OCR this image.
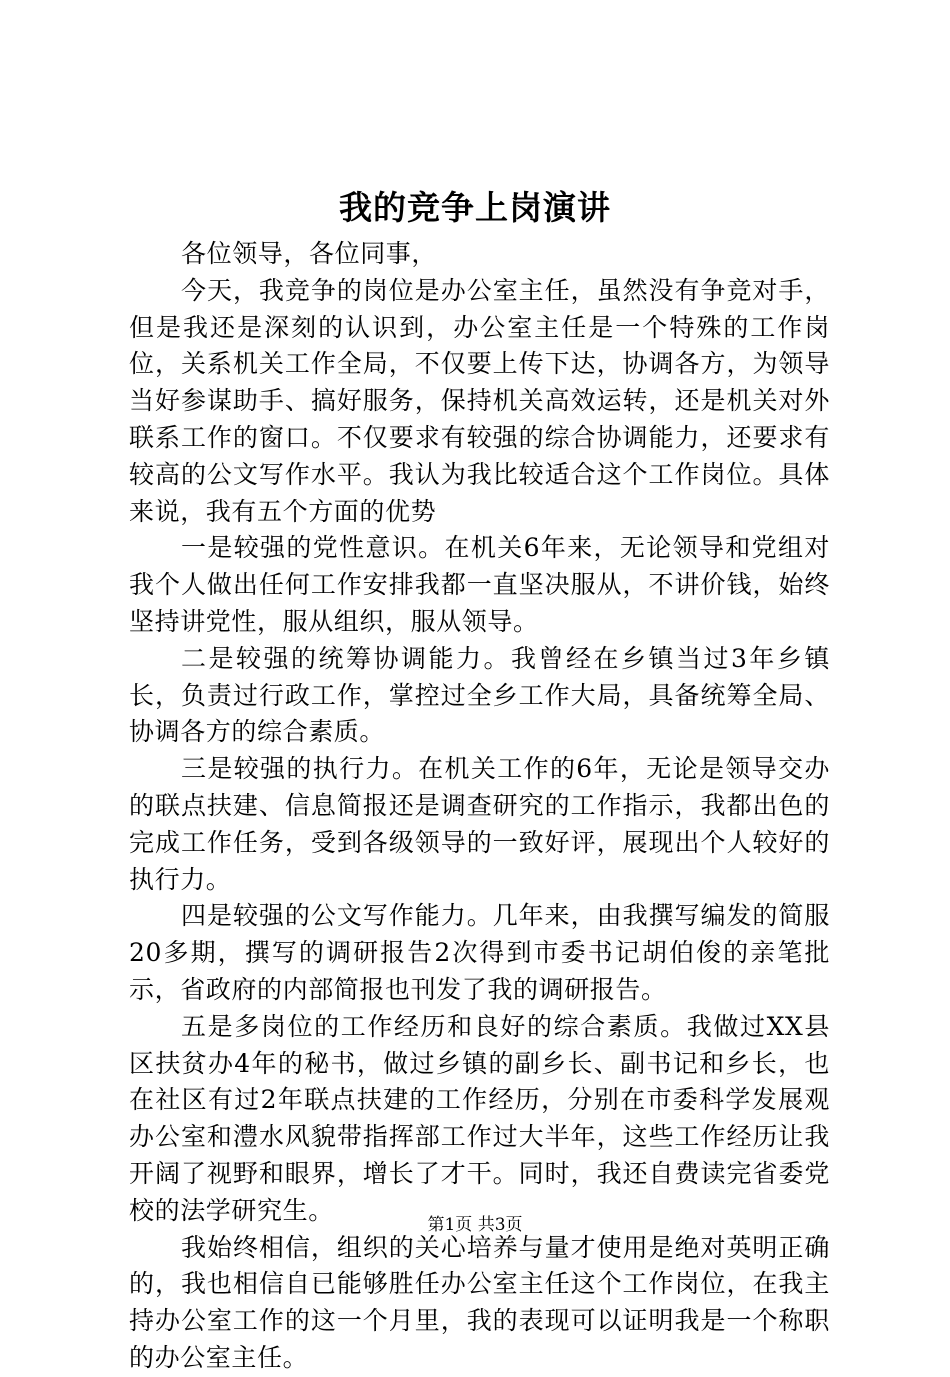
我的竞争上岗演讲

各位领导，各位同事，

今天，我竞争的岗位是办公室主任，虽然没有争竞对手，但是我还是深刻的认识到，办公室主任是一个特殊的工作岗位，关系机关工作全局，不仅要上传下达，协调各方，为领导当好参谋助手、搞好服务，保持机关高效运转，还是机关对外联系工作的窗口。不仅要求有较强的综合协调能力，还要求有较高的公文写作水平。我认为我比较适合这个工作岗位。具体来说，我有五个方面的优势

一是较强的党性意识。在机关6年来，无论领导和党组对我个人做出任何工作安排我都一直坚决服从，不讲价钱，始终坚持讲党性，服从组织，服从领导。

二是较强的统筹协调能力。我曾经在乡镇当过3年乡镇长，负责过行政工作，掌控过全乡工作大局，具备统筹全局、协调各方的综合素质。

三是较强的执行力。在机关工作的6年，无论是领导交办的联点扶建、信息简报还是调查研究的工作指示，我都出色的完成工作任务，受到各级领导的一致好评，展现出个人较好的执行力。

四是较强的公文写作能力。几年来，由我撰写编发的简服20多期，撰写的调研报告2次得到市委书记胡伯俊的亲笔批示，省政府的内部简报也刊发了我的调研报告。

五是多岗位的工作经历和良好的综合素质。我做过XX县区扶贫办4年的秘书，做过乡镇的副乡长、副书记和乡长，也在社区有过2年联点扶建的工作经历，分别在市委科学发展观办公室和澧水风貌带指挥部工作过大半年，这些工作经历让我开阔了视野和眼界，增长了才干。同时，我还自费读完省委党校的法学研究生。

我始终相信，组织的关心培养与量才使用是绝对英明正确的，我也相信自已能够胜任办公室主任这个工作岗位，在我主持办公室工作的这一个月里，我的表现可以证明我是一个称职的办公室主任。

第1页 共3页
